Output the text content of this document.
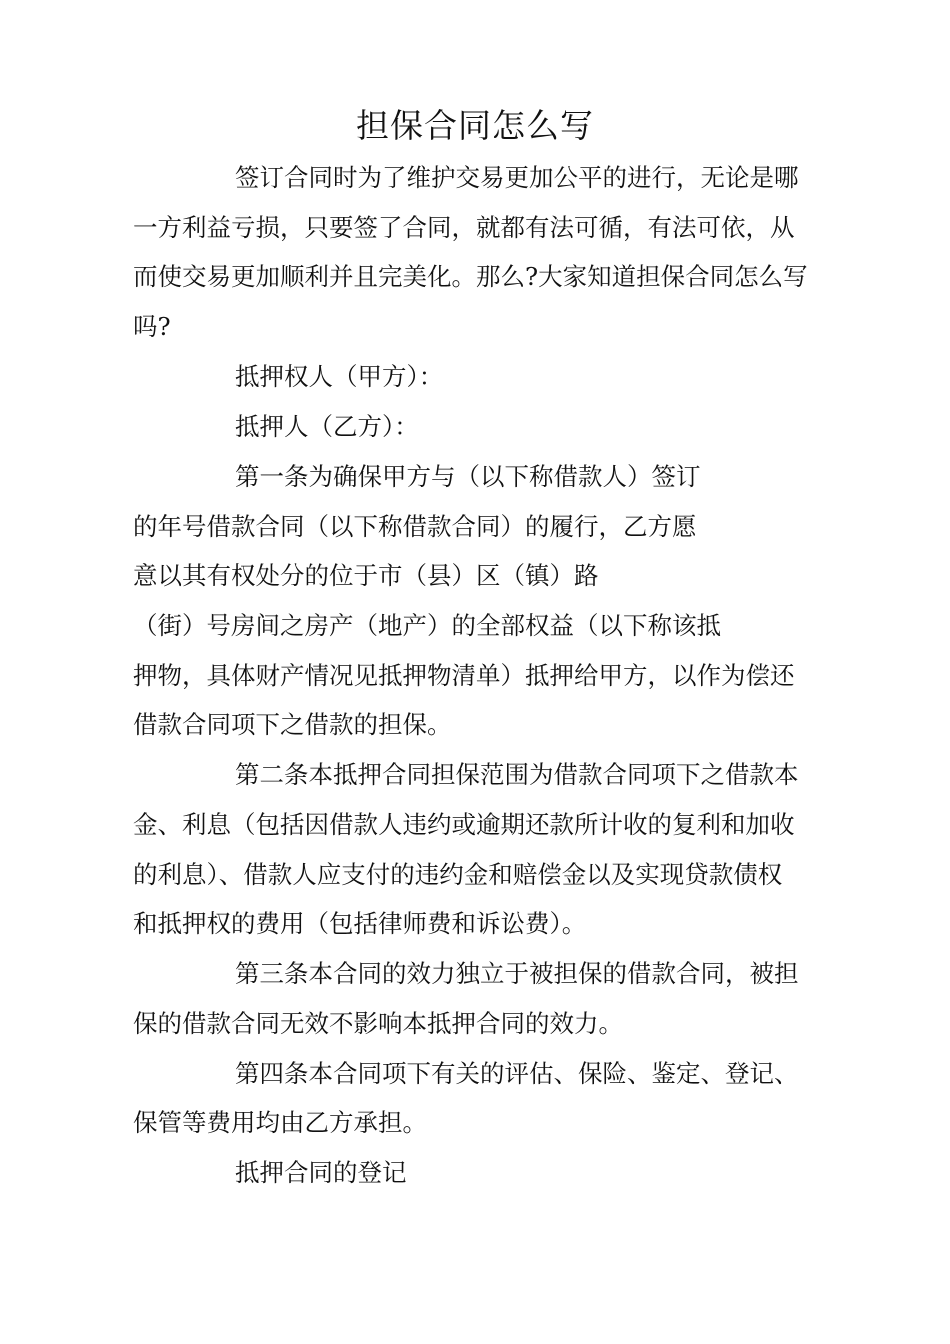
担保合同怎么写
签订合同时为了维护交易更加公平的进行，无论是哪
一方利益亏损，只要签了合同，就都有法可循，有法可依，从
而使交易更加顺利并且完美化。那么?大家知道担保合同怎么写
吗?
抵押权人（甲方）：
抵押人（乙方）：
第一条为确保甲方与（以下称借款人）签订
的年号借款合同（以下称借款合同）的履行，乙方愿
意以其有权处分的位于市（县）区（镇）路
（街）号房间之房产（地产）的全部权益（以下称该抵
押物，具体财产情况见抵押物清单）抵押给甲方，以作为偿还
借款合同项下之借款的担保。
第二条本抵押合同担保范围为借款合同项下之借款本
金、利息（包括因借款人违约或逾期还款所计收的复利和加收
的利息）、借款人应支付的违约金和赔偿金以及实现贷款债权
和抵押权的费用（包括律师费和诉讼费）。
第三条本合同的效力独立于被担保的借款合同，被担
保的借款合同无效不影响本抵押合同的效力。
第四条本合同项下有关的评估、保险、鉴定、登记、
保管等费用均由乙方承担。
抵押合同的登记
